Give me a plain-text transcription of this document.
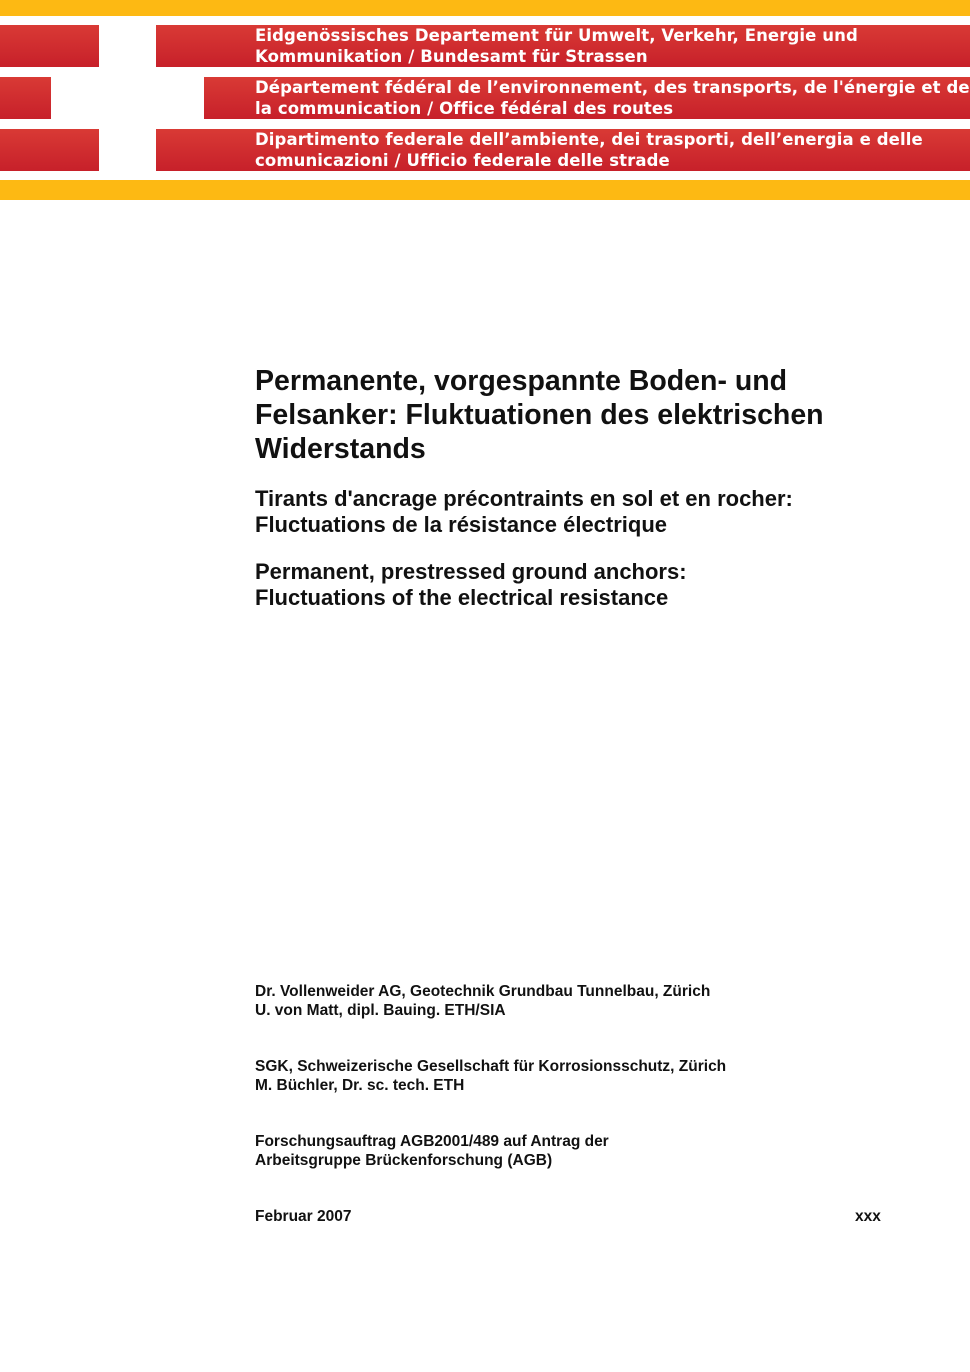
Eidgenössisches Departement für Umwelt, Verkehr, Energie und
Kommunikation / Bundesamt für Strassen
Département fédéral de l’environnement, des transports, de l'énergie et de
la communication / Office fédéral des routes
Dipartimento federale dell’ambiente, dei trasporti, dell’energia e delle
comunicazioni / Ufficio federale delle strade
Permanente, vorgespannte Boden- und
Felsanker: Fluktuationen des elektrischen
Widerstands
Tirants d'ancrage précontraints en sol et en rocher:
Fluctuations de la résistance électrique
Permanent, prestressed ground anchors:
Fluctuations of the electrical resistance
Dr. Vollenweider AG, Geotechnik Grundbau Tunnelbau, Zürich
U. von Matt, dipl. Bauing. ETH/SIA
SGK, Schweizerische Gesellschaft für Korrosionsschutz, Zürich
M. Büchler, Dr. sc. tech. ETH
Forschungsauftrag AGB2001/489 auf Antrag der
Arbeitsgruppe Brückenforschung (AGB)
Februar 2007	xxx
